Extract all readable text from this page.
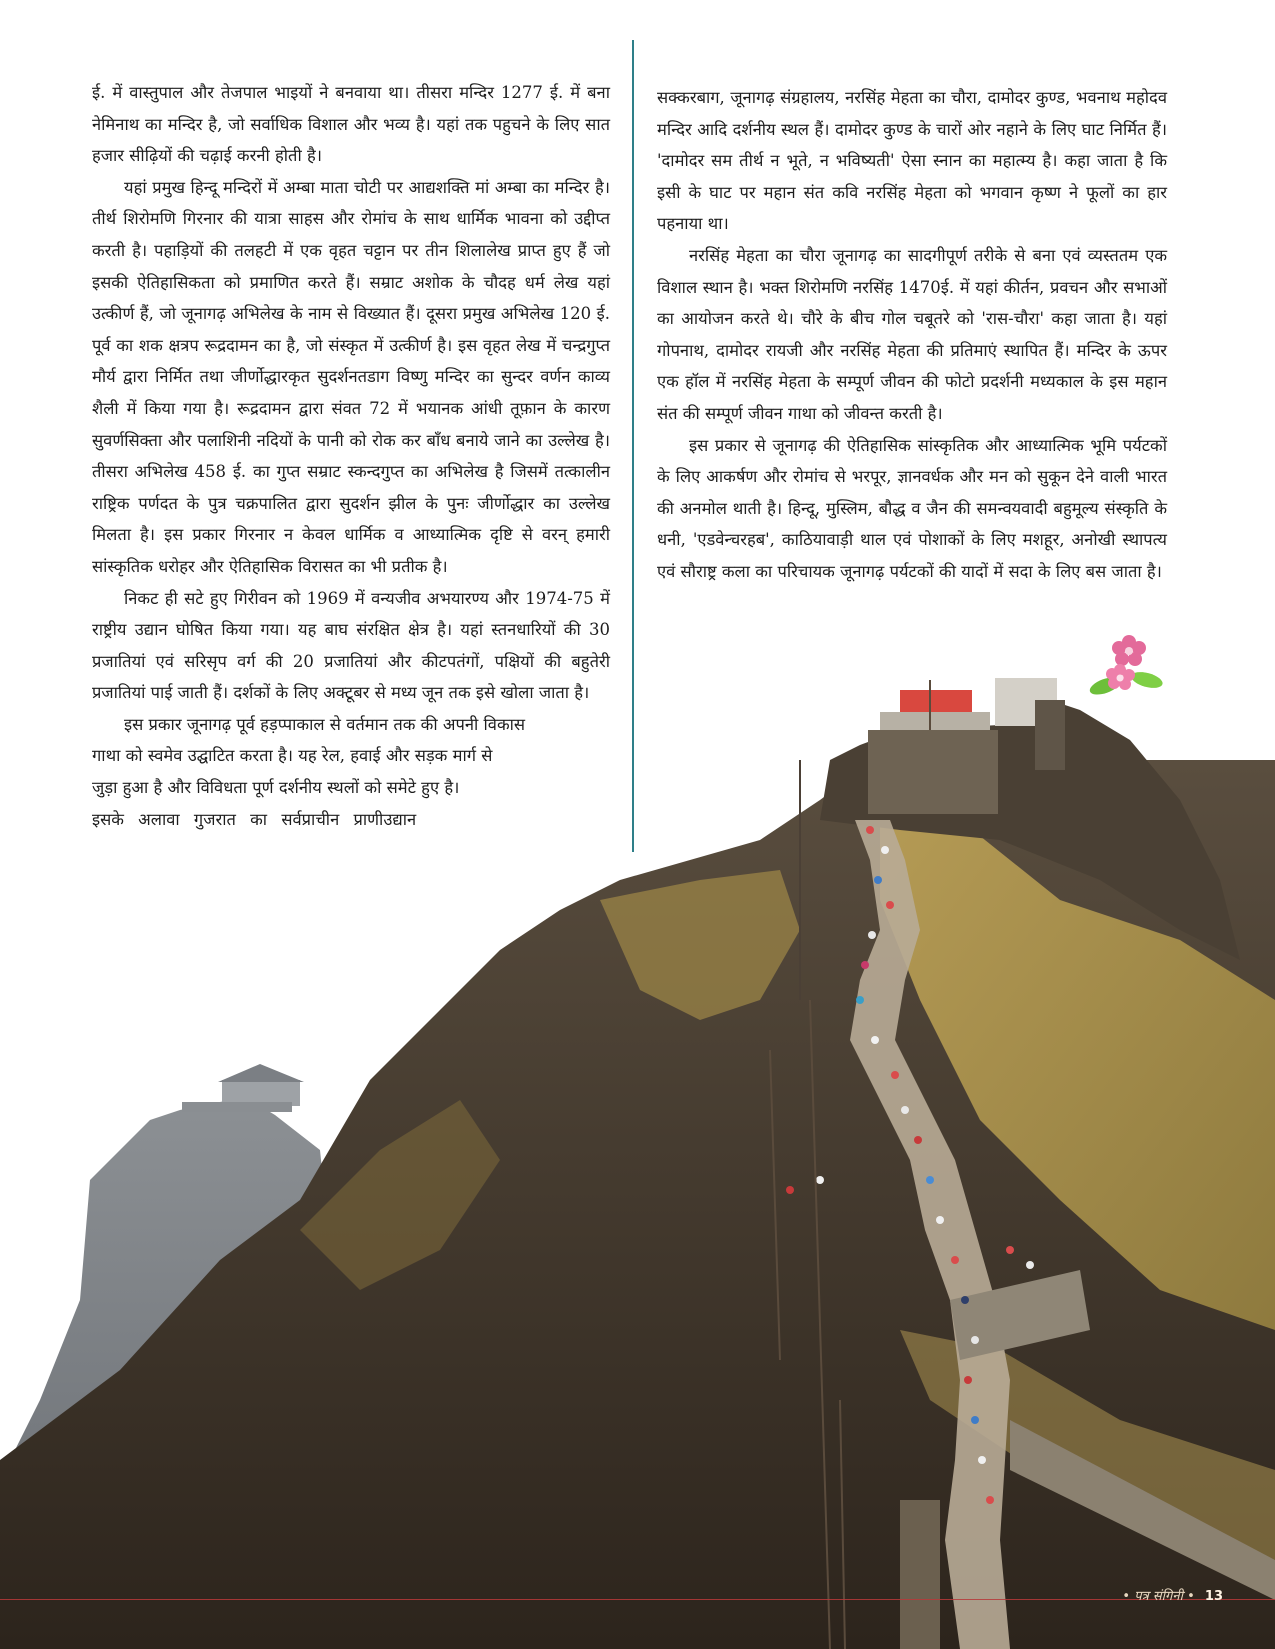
ई. में वास्तुपाल और तेजपाल भाइयों ने बनवाया था। तीसरा मन्दिर 1277 ई. में बना नेमिनाथ का मन्दिर है, जो सर्वाधिक विशाल और भव्य है। यहां तक पहुचने के लिए सात हजार सीढ़ियों की चढ़ाई करनी होती है।

यहां प्रमुख हिन्दू मन्दिरों में अम्बा माता चोटी पर आद्यशक्ति मां अम्बा का मन्दिर है। तीर्थ शिरोमणि गिरनार की यात्रा साहस और रोमांच के साथ धार्मिक भावना को उद्दीप्त करती है। पहाड़ियों की तलहटी में एक वृहत चट्टान पर तीन शिलालेख प्राप्त हुए हैं जो इसकी ऐतिहासिकता को प्रमाणित करते हैं। सम्राट अशोक के चौदह धर्म लेख यहां उत्कीर्ण हैं, जो जूनागढ़ अभिलेख के नाम से विख्यात हैं। दूसरा प्रमुख अभिलेख 120 ई. पूर्व का शक क्षत्रप रूद्रदामन का है, जो संस्कृत में उत्कीर्ण है। इस वृहत लेख में चन्द्रगुप्त मौर्य द्वारा निर्मित तथा जीर्णोद्धारकृत सुदर्शनतडाग विष्णु मन्दिर का सुन्दर वर्णन काव्य शैली में किया गया है। रूद्रदामन द्वारा संवत 72 में भयानक आंधी तूफ़ान के कारण सुवर्णसिक्ता और पलाशिनी नदियों के पानी को रोक कर बाँध बनाये जाने का उल्लेख है। तीसरा अभिलेख 458 ई. का गुप्त सम्राट स्कन्दगुप्त का अभिलेख है जिसमें तत्कालीन राष्ट्रिक पर्णदत के पुत्र चक्रपालित द्वारा सुदर्शन झील के पुनः जीर्णोद्धार का उल्लेख मिलता है। इस प्रकार गिरनार न केवल धार्मिक व आध्यात्मिक दृष्टि से वरन् हमारी सांस्कृतिक धरोहर और ऐतिहासिक विरासत का भी प्रतीक है।

निकट ही सटे हुए गिरीवन को 1969 में वन्यजीव अभयारण्य और 1974-75 में राष्ट्रीय उद्यान घोषित किया गया। यह बाघ संरक्षित क्षेत्र है। यहां स्तनधारियों की 30 प्रजातियां एवं सरिसृप वर्ग की 20 प्रजातियां और कीटपतंगों, पक्षियों की बहुतेरी प्रजातियां पाई जाती हैं। दर्शकों के लिए अक्टूबर से मध्य जून तक इसे खोला जाता है।

इस प्रकार जूनागढ़ पूर्व हड़प्पाकाल से वर्तमान तक की अपनी विकास

गाथा को स्वमेव उद्घाटित करता है। यह रेल, हवाई और सड़क मार्ग से

जुड़ा हुआ है और विविधता पूर्ण दर्शनीय स्थलों को समेटे हुए है।

इसके अलावा गुजरात का सर्वप्राचीन प्राणीउद्यान

सक्करबाग, जूनागढ़ संग्रहालय, नरसिंह मेहता का चौरा, दामोदर कुण्ड, भवनाथ महोदव मन्दिर आदि दर्शनीय स्थल हैं। दामोदर कुण्ड के चारों ओर नहाने के लिए घाट निर्मित हैं। 'दामोदर सम तीर्थ न भूते, न भविष्यती' ऐसा स्नान का महात्म्य है। कहा जाता है कि इसी के घाट पर महान संत कवि नरसिंह मेहता को भगवान कृष्ण ने फूलों का हार पहनाया था।

नरसिंह मेहता का चौरा जूनागढ़ का सादगीपूर्ण तरीके से बना एवं व्यस्ततम एक विशाल स्थान है। भक्त शिरोमणि नरसिंह 1470ई. में यहां कीर्तन, प्रवचन और सभाओं का आयोजन करते थे। चौरे के बीच गोल चबूतरे को 'रास-चौरा' कहा जाता है। यहां गोपनाथ, दामोदर रायजी और नरसिंह मेहता की प्रतिमाएं स्थापित हैं। मन्दिर के ऊपर एक हॉल में नरसिंह मेहता के सम्पूर्ण जीवन की फोटो प्रदर्शनी मध्यकाल के इस महान संत की सम्पूर्ण जीवन गाथा को जीवन्त करती है।

इस प्रकार से जूनागढ़ की ऐतिहासिक सांस्कृतिक और आध्यात्मिक भूमि पर्यटकों के लिए आकर्षण और रोमांच से भरपूर, ज्ञानवर्धक और मन को सुकून देने वाली भारत की अनमोल थाती है। हिन्दू, मुस्लिम, बौद्ध व जैन की समन्वयवादी बहुमूल्य संस्कृति के धनी, 'एडवेन्चरहब', काठियावाड़ी थाल एवं पोशाकों के लिए मशहूर, अनोखी स्थापत्य एवं सौराष्ट्र कला का परिचायक जूनागढ़ पर्यटकों की यादों में सदा के लिए बस जाता है।

• पत्र संगिनी • 13
